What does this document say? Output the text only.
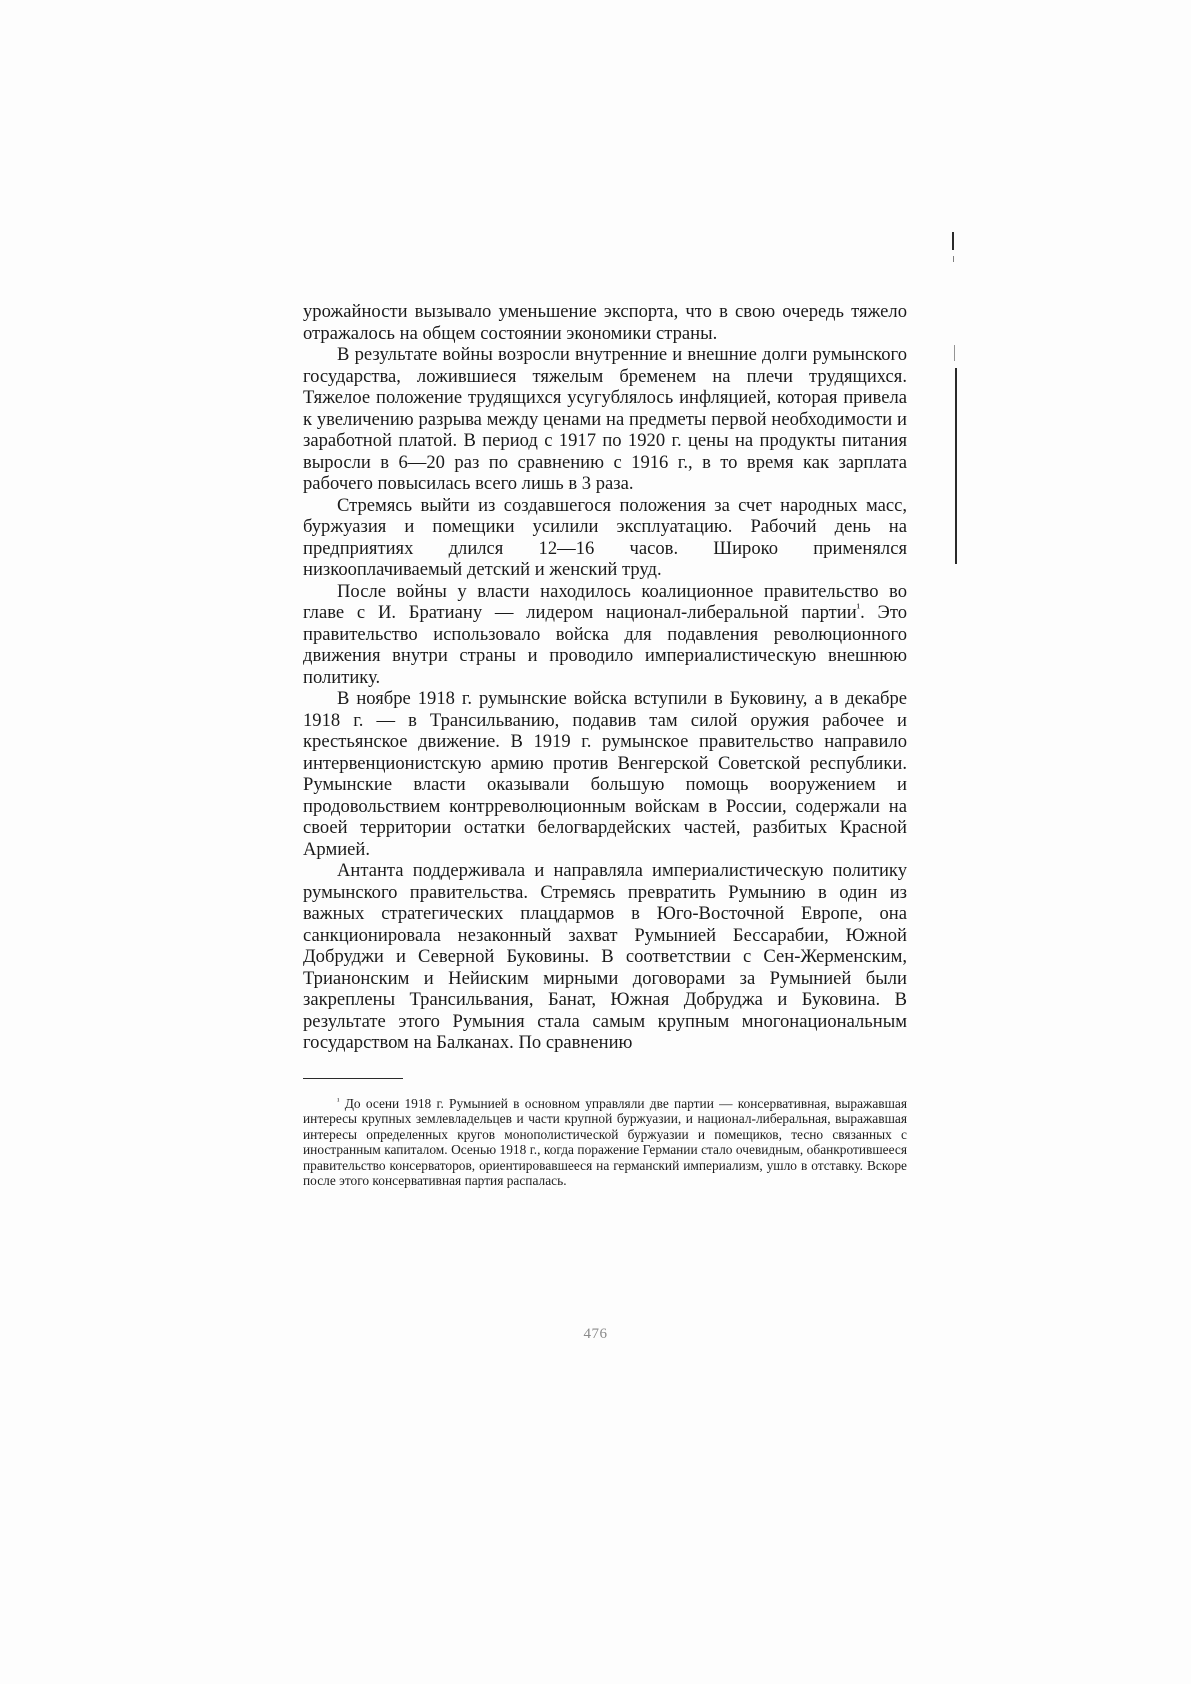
урожайности вызывало уменьшение экспорта, что в свою очередь тяжело отражалось на общем состоянии экономики страны.

В результате войны возросли внутренние и внешние долги румынского государства, ложившиеся тяжелым бременем на плечи трудящихся. Тяжелое положение трудящихся усугублялось инфляцией, которая привела к увеличению разрыва между ценами на предметы первой необходимости и заработной платой. В период с 1917 по 1920 г. цены на продукты питания выросли в 6—20 раз по сравнению с 1916 г., в то время как зарплата рабочего повысилась всего лишь в 3 раза.

Стремясь выйти из создавшегося положения за счет народных масс, буржуазия и помещики усилили эксплуатацию. Рабочий день на предприятиях длился 12—16 часов. Широко применялся низкооплачиваемый детский и женский труд.

После войны у власти находилось коалиционное правительство во главе с И. Братиану — лидером национал-либеральной партии$^{^1}$. Это правительство использовало войска для подавления революционного движения внутри страны и проводило империалистическую внешнюю политику.

В ноябре 1918 г. румынские войска вступили в Буковину, а в декабре 1918 г. — в Трансильванию, подавив там силой оружия рабочее и крестьянское движение. В 1919 г. румынское правительство направило интервенционистскую армию против Венгерской Советской республики. Румынские власти оказывали большую помощь вооружением и продовольствием контрреволюционным войскам в России, содержали на своей территории остатки белогвардейских частей, разбитых Красной Армией.

Антанта поддерживала и направляла империалистическую политику румынского правительства. Стремясь превратить Румынию в один из важных стратегических плацдармов в Юго-Восточной Европе, она санкционировала незаконный захват Румынией Бессарабии, Южной Добруджи и Северной Буковины. В соответствии с Сен-Жерменским, Трианонским и Нейиским мирными договорами за Румынией были закреплены Трансильвания, Банат, Южная Добруджа и Буковина. В результате этого Румыния стала самым крупным многонациональным государством на Балканах. По сравнению

$^{^1}$ До осени 1918 г. Румынией в основном управляли две партии — консервативная, выражавшая интересы крупных землевладельцев и части крупной буржуазии, и национал-либеральная, выражавшая интересы определенных кругов монополистической буржуазии и помещиков, тесно связанных с иностранным капиталом. Осенью 1918 г., когда поражение Германии стало очевидным, обанкротившееся правительство консерваторов, ориентировавшееся на германский империализм, ушло в отставку. Вскоре после этого консервативная партия распалась.

476
